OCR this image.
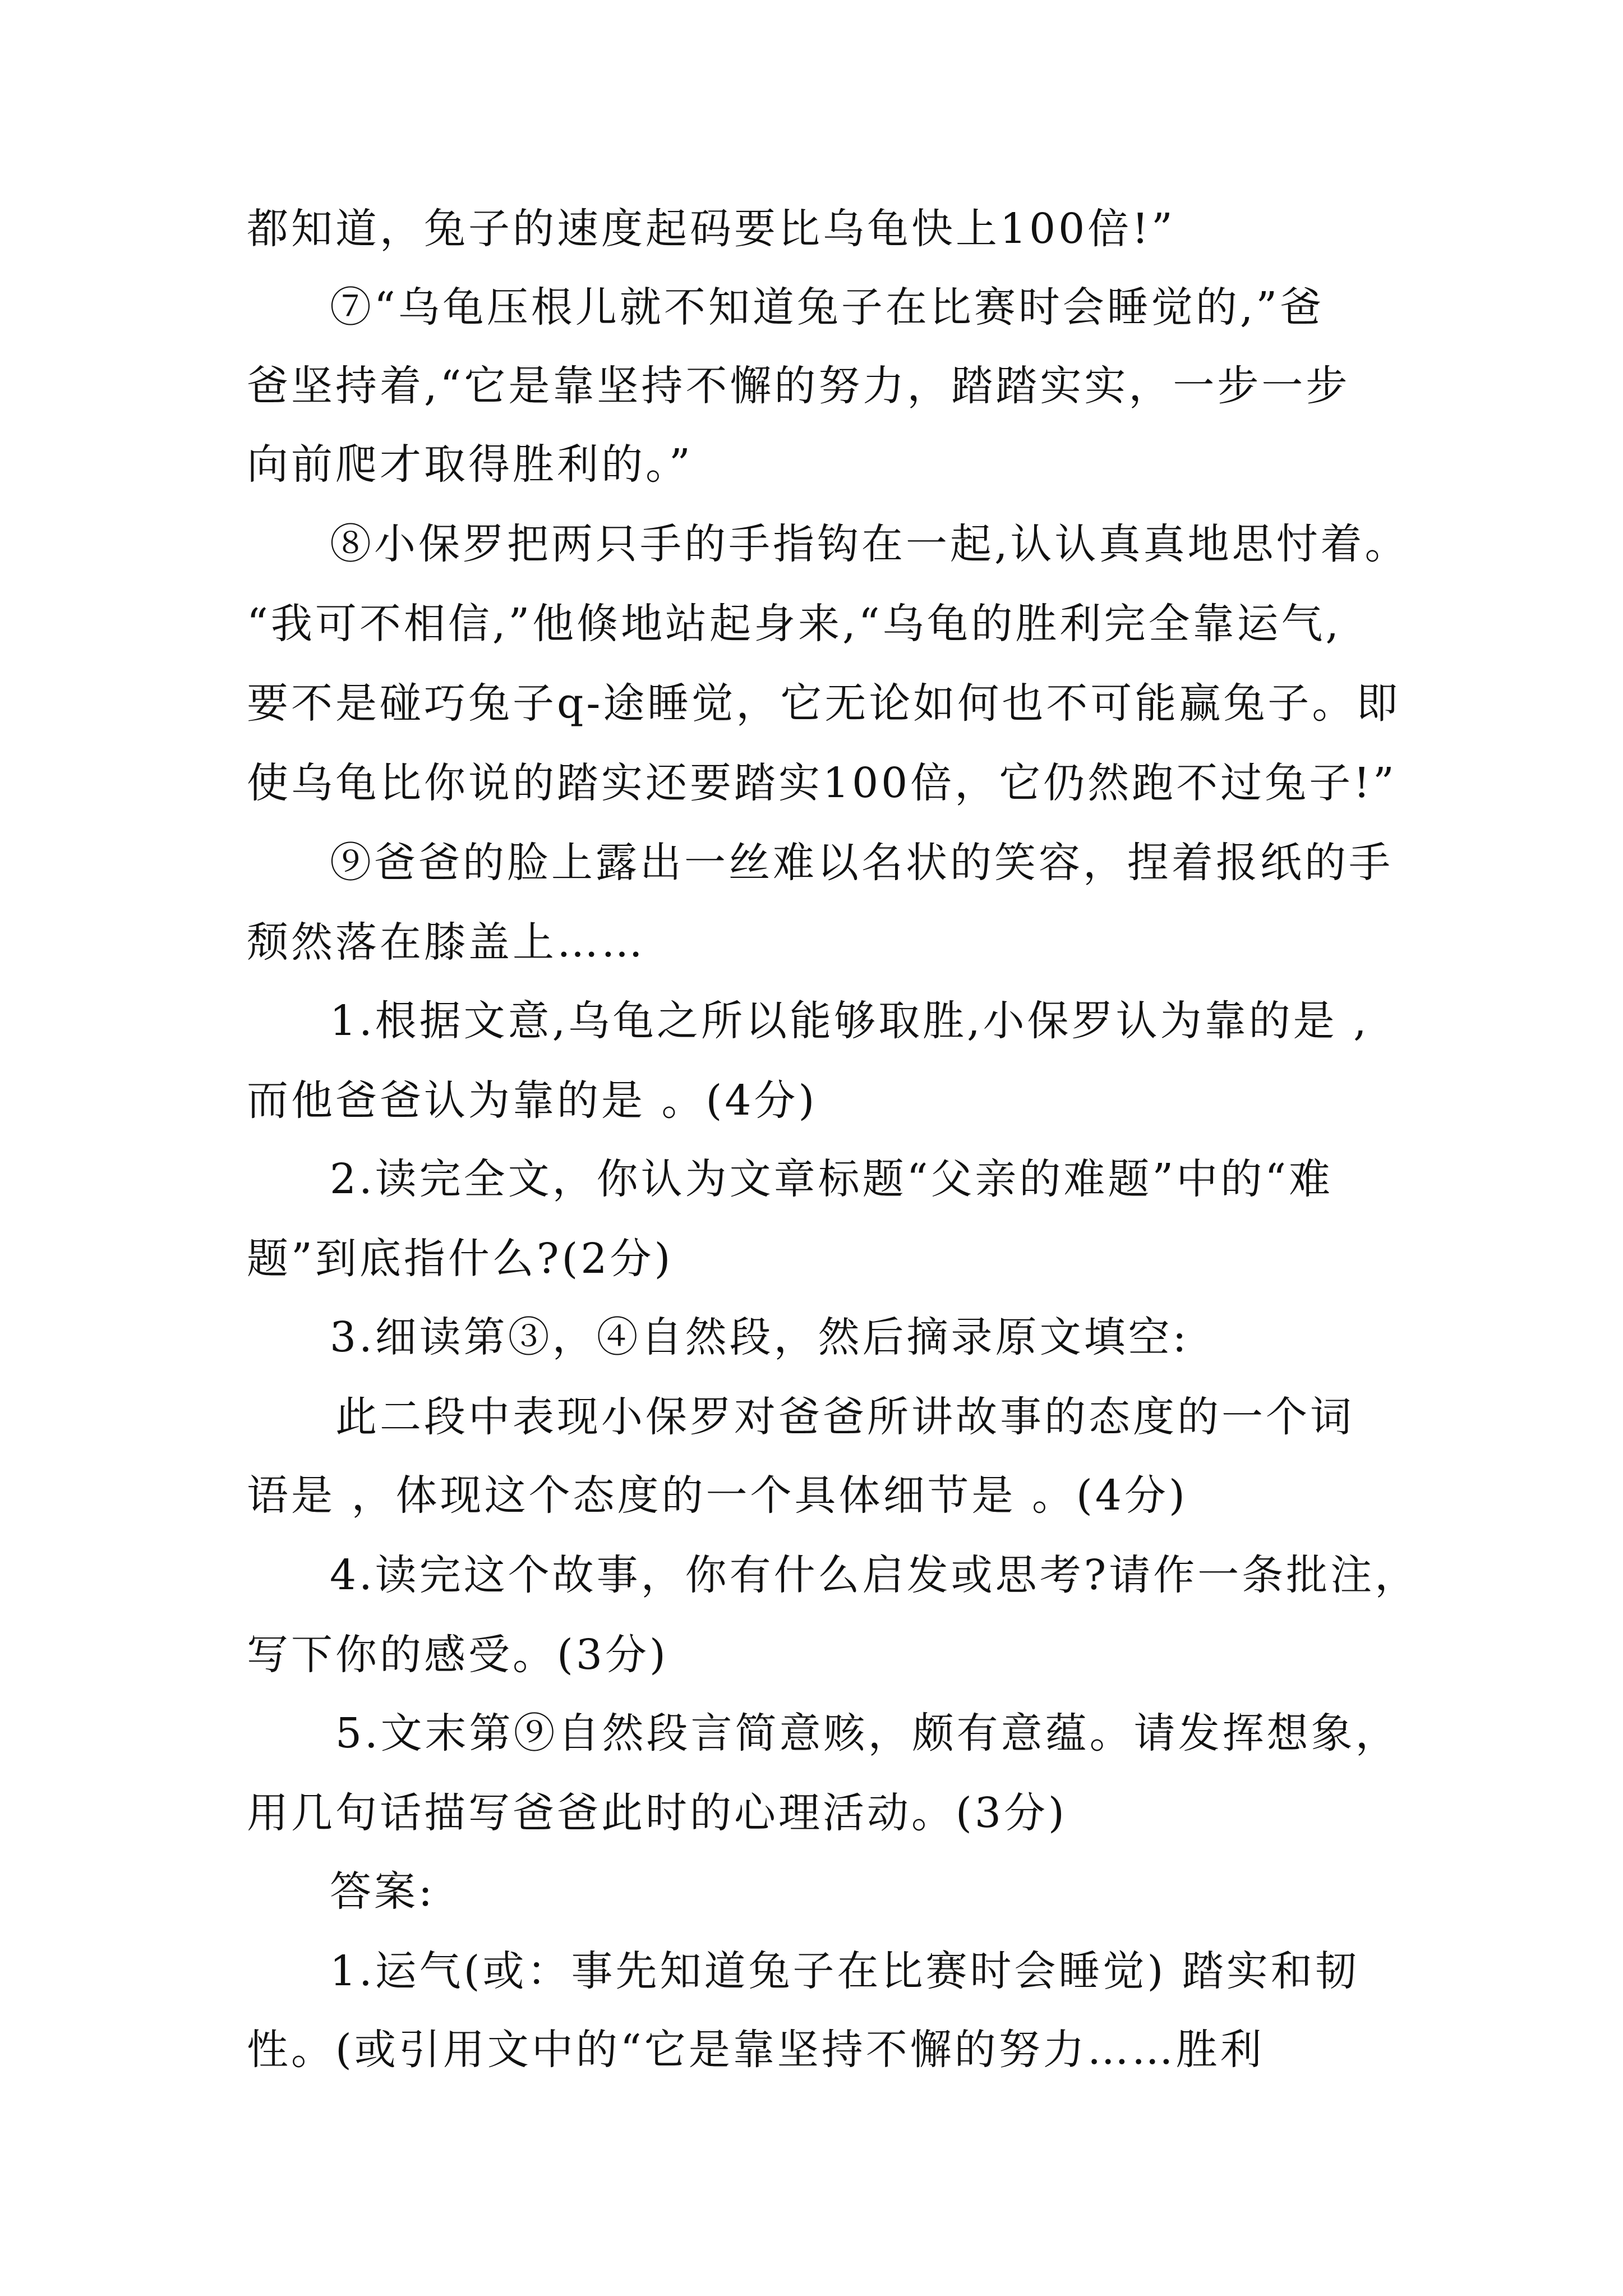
都知道，兔子的速度起码要比乌龟快上100倍!”
⑦“乌龟压根儿就不知道兔子在比赛时会睡觉的,”爸
爸坚持着,“它是靠坚持不懈的努力，踏踏实实，一步一步
向前爬才取得胜利的。”
⑧小保罗把两只手的手指钩在一起,认认真真地思忖着。
“我可不相信,”他倏地站起身来,“乌龟的胜利完全靠运气,
要不是碰巧兔子q-途睡觉，它无论如何也不可能赢兔子。即
使乌龟比你说的踏实还要踏实100倍，它仍然跑不过兔子!”
⑨爸爸的脸上露出一丝难以名状的笑容，捏着报纸的手
颓然落在膝盖上……
1.根据文意,乌龟之所以能够取胜,小保罗认为靠的是 ,
而他爸爸认为靠的是 。(4分)
2.读完全文，你认为文章标题“父亲的难题”中的“难
题”到底指什么?(2分)
3.细读第③，④自然段，然后摘录原文填空:
此二段中表现小保罗对爸爸所讲故事的态度的一个词
语是 ，体现这个态度的一个具体细节是 。(4分)
4.读完这个故事，你有什么启发或思考?请作一条批注，
写下你的感受。(3分)
5.文末第⑨自然段言简意赅，颇有意蕴。请发挥想象，
用几句话描写爸爸此时的心理活动。(3分)
答案:
1.运气(或：事先知道兔子在比赛时会睡觉) 踏实和韧
性。(或引用文中的“它是靠坚持不懈的努力……胜利
